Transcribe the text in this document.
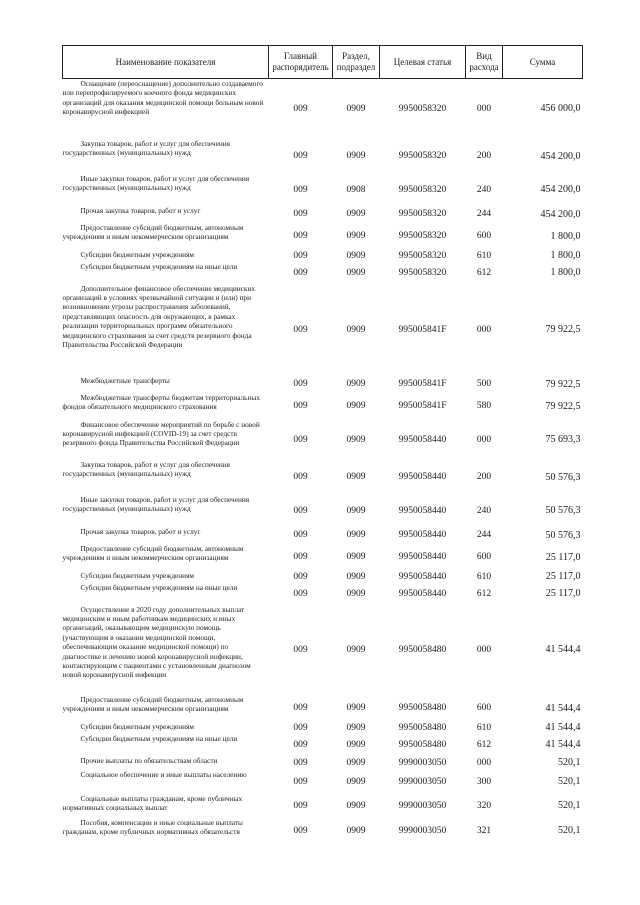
Наименование показателя	Главный распорядитель	Раздел, подраздел	Целевая статья	Вид расхода	Сумма
Оснащение (переоснащение) дополнительно создаваемого или перепрофилируемого коечного фонда медицинских организаций для оказания медицинской помощи больным новой коронавирусной инфекцией	009	0909	9950058320	000	456 000,0
Закупка товаров, работ и услуг для обеспечения государственных (муниципальных) нужд	009	0909	9950058320	200	454 200,0
Иные закупки товаров, работ и услуг для обеспечения государственных (муниципальных) нужд	009	0908	9950058320	240	454 200,0
Прочая закупка товаров, работ и услуг	009	0909	9950058320	244	454 200,0
Предоставление субсидий бюджетным, автономным учреждениям и иным некоммерческим организациям	009	0909	9950058320	600	1 800,0
Субсидии бюджетным учреждениям	009	0909	9950058320	610	1 800,0
Субсидии бюджетным учреждениям на иные цели	009	0909	9950058320	612	1 800,0
Дополнительное финансовое обеспечение медицинских организаций в условиях чрезвычайной ситуации и (или) при возникновении угрозы распространения заболеваний, представляющих опасность для окружающих, в рамках реализации территориальных программ обязательного медицинского страхования за счет средств резервного фонда Правительства Российской Федерации	009	0909	995005841F	000	79 922,5
Межбюджетные трансферты	009	0909	995005841F	500	79 922,5
Межбюджетные трансферты бюджетам территориальных фондов обязательного медицинского страхования	009	0909	995005841F	580	79 922,5
Финансовое обеспечение мероприятий по борьбе с новой коронавирусной инфекцией (COVID-19) за счет средств резервного фонда Правительства Российской Федерации	009	0909	9950058440	000	75 693,3
Закупка товаров, работ и услуг для обеспечения государственных (муниципальных) нужд	009	0909	9950058440	200	50 576,3
Иные закупки товаров, работ и услуг для обеспечения государственных (муниципальных) нужд	009	0909	9950058440	240	50 576,3
Прочая закупка товаров, работ и услуг	009	0909	9950058440	244	50 576,3
Предоставление субсидий бюджетным, автономным учреждениям и иным некоммерческим организациям	009	0909	9950058440	600	25 117,0
Субсидии бюджетным учреждениям	009	0909	9950058440	610	25 117,0
Субсидии бюджетным учреждениям на иные цели	009	0909	9950058440	612	25 117,0
Осуществление в 2020 году дополнительных выплат медицинским и иным работникам медицинских и иных организаций, оказывающим медицинскую помощь (участвующим в оказании медицинской помощи, обеспечивающим оказание медицинской помощи) по диагностике и лечению новой коронавирусной инфекции, контактирующим с пациентами с установленным диагнозом новой коронавирусной инфекции	009	0909	9950058480	000	41 544,4
Предоставление субсидий бюджетным, автономным учреждениям и иным некоммерческим организациям	009	0909	9950058480	600	41 544,4
Субсидии бюджетным учреждениям	009	0909	9950058480	610	41 544,4
Субсидии бюджетным учреждениям на иные цели	009	0909	9950058480	612	41 544,4
Прочие выплаты по обязательствам области	009	0909	9990003050	000	520,1
Социальное обеспечение и иные выплаты населению	009	0909	9990003050	300	520,1
Социальные выплаты гражданам, кроме публичных нормативных социальных выплат	009	0909	9990003050	320	520,1
Пособия, компенсации и иные социальные выплаты гражданам, кроме публичных нормативных обязательств	009	0909	9990003050	321	520,1
